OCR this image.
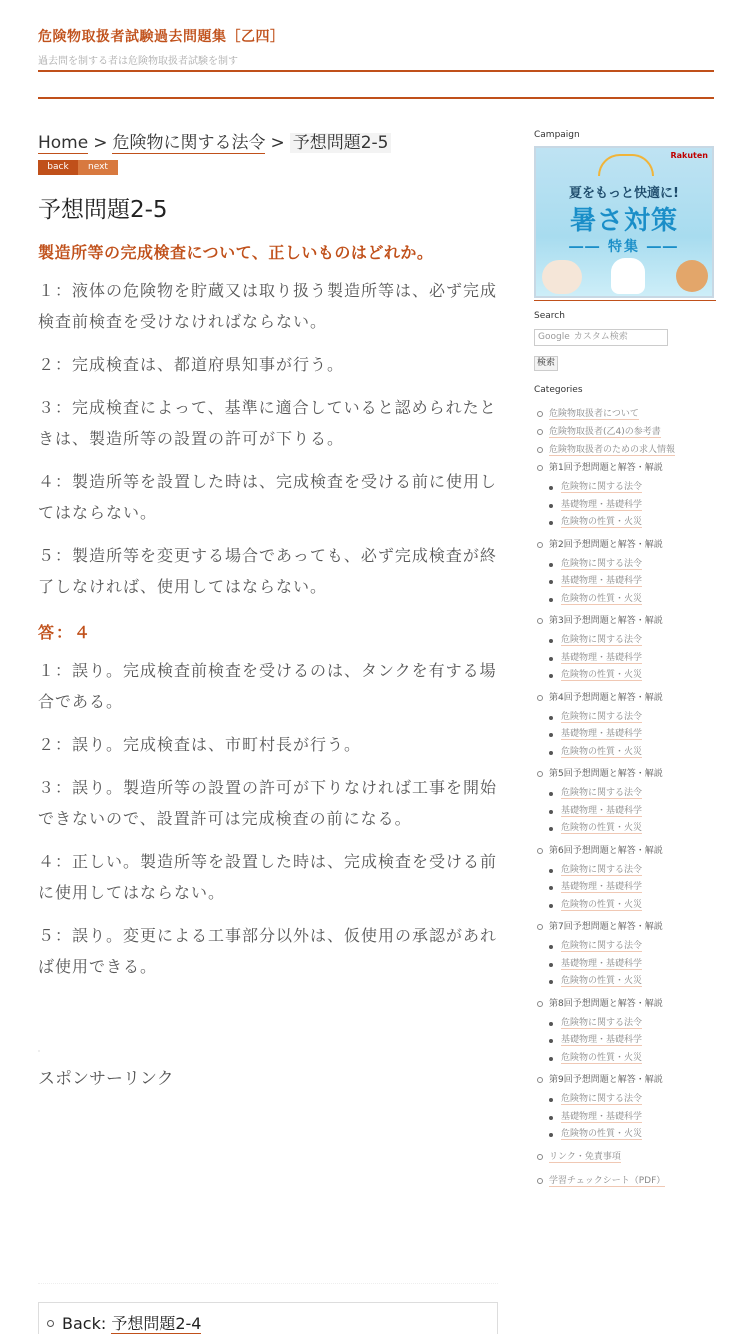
危険物取扱者試験過去問題集［乙四］
過去問を制する者は危険物取扱者試験を制す
Home > 危険物に関する法令 > 予想問題2-5
back	next
予想問題2-5
製造所等の完成検査について、正しいものはどれか。
１：液体の危険物を貯蔵又は取り扱う製造所等は、必ず完成検査前検査を受けなければならない。
２：完成検査は、都道府県知事が行う。
３：完成検査によって、基準に適合していると認められたときは、製造所等の設置の許可が下りる。
４：製造所等を設置した時は、完成検査を受ける前に使用してはならない。
５：製造所等を変更する場合であっても、必ず完成検査が終了しなければ、使用してはならない。
答：４
１：誤り。完成検査前検査を受けるのは、タンクを有する場合である。
２：誤り。完成検査は、市町村長が行う。
３：誤り。製造所等の設置の許可が下りなければ工事を開始できないので、設置許可は完成検査の前になる。
４：正しい。製造所等を設置した時は、完成検査を受ける前に使用してはならない。
５：誤り。変更による工事部分以外は、仮使用の承認があれば使用できる。
スポンサーリンク
Back: 予想問題2-4
Campaign
Rakuten
夏をもっと快適に!
暑さ対策
―― 特集 ――
Search
Google カスタム検索
検索
Categories
危険物取扱者について
危険物取扱者(乙4)の参考書
危険物取扱者のための求人情報
第1回予想問題と解答・解説
危険物に関する法令
基礎物理・基礎科学
危険物の性質・火災
第2回予想問題と解答・解説
危険物に関する法令
基礎物理・基礎科学
危険物の性質・火災
第3回予想問題と解答・解説
危険物に関する法令
基礎物理・基礎科学
危険物の性質・火災
第4回予想問題と解答・解説
危険物に関する法令
基礎物理・基礎科学
危険物の性質・火災
第5回予想問題と解答・解説
危険物に関する法令
基礎物理・基礎科学
危険物の性質・火災
第6回予想問題と解答・解説
危険物に関する法令
基礎物理・基礎科学
危険物の性質・火災
第7回予想問題と解答・解説
危険物に関する法令
基礎物理・基礎科学
危険物の性質・火災
第8回予想問題と解答・解説
危険物に関する法令
基礎物理・基礎科学
危険物の性質・火災
第9回予想問題と解答・解説
危険物に関する法令
基礎物理・基礎科学
危険物の性質・火災
リンク・免責事項
学習チェックシート（PDF）
